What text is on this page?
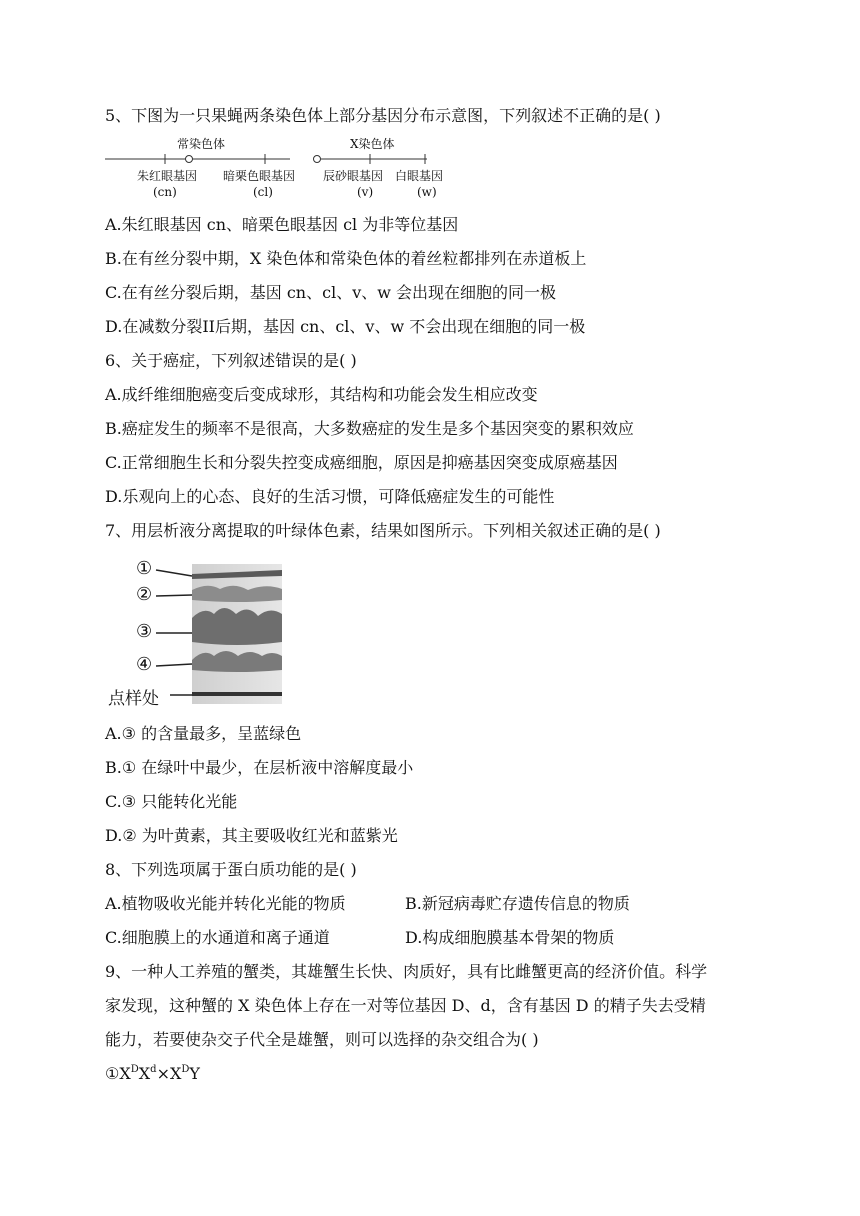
5、下图为一只果蝇两条染色体上部分基因分布示意图，下列叙述不正确的是( )
常染色体	X染色体
朱红眼基因
(cn)
暗栗色眼基因
(cl)
辰砂眼基因
(v)
白眼基因
(w)
A.朱红眼基因 cn、暗栗色眼基因 cl 为非等位基因
B.在有丝分裂中期，X 染色体和常染色体的着丝粒都排列在赤道板上
C.在有丝分裂后期，基因 cn、cl、v、w 会出现在细胞的同一极
D.在减数分裂II后期，基因 cn、cl、v、w 不会出现在细胞的同一极
6、关于癌症，下列叙述错误的是( )
A.成纤维细胞癌变后变成球形，其结构和功能会发生相应改变
B.癌症发生的频率不是很高，大多数癌症的发生是多个基因突变的累积效应
C.正常细胞生长和分裂失控变成癌细胞，原因是抑癌基因突变成原癌基因
D.乐观向上的心态、良好的生活习惯，可降低癌症发生的可能性
7、用层析液分离提取的叶绿体色素，结果如图所示。下列相关叙述正确的是( )
①
②
③
④
点样处
A.③ 的含量最多，呈蓝绿色
B.① 在绿叶中最少，在层析液中溶解度最小
C.③ 只能转化光能
D.② 为叶黄素，其主要吸收红光和蓝紫光
8、下列选项属于蛋白质功能的是( )
A.植物吸收光能并转化光能的物质	B.新冠病毒贮存遗传信息的物质
C.细胞膜上的水通道和离子通道	D.构成细胞膜基本骨架的物质
9、一种人工养殖的蟹类，其雄蟹生长快、肉质好，具有比雌蟹更高的经济价值。科学
家发现，这种蟹的 X 染色体上存在一对等位基因 D、d，含有基因 D 的精子失去受精
能力，若要使杂交子代全是雄蟹，则可以选择的杂交组合为( )
$①X^DX^d\times X^DY$
